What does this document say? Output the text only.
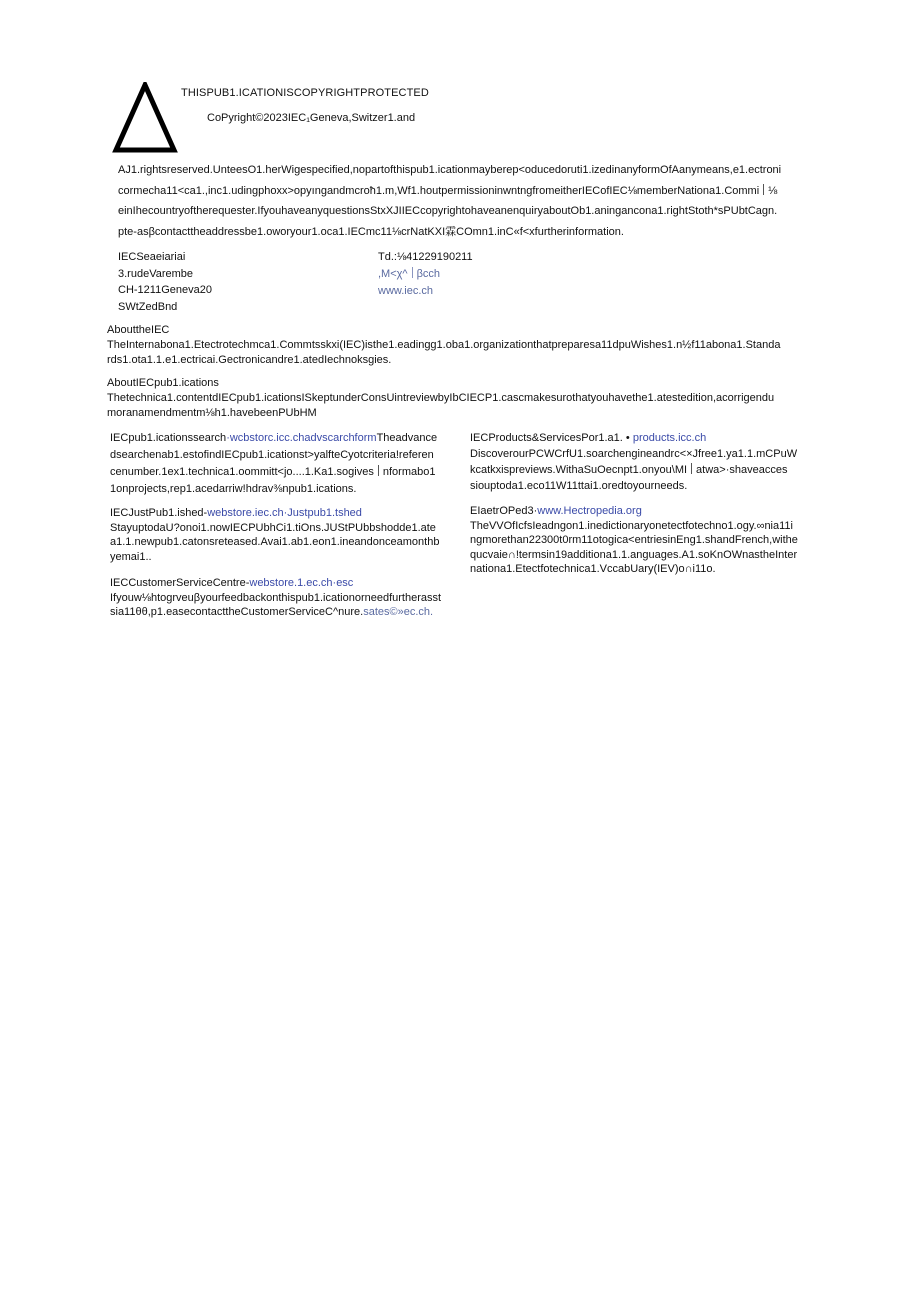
THISPUB1.ICATIONISCOPYRIGHTPROTECTED
CoPyright©2023IEC₁Geneva,Switzer1.and
AJ1.rightsreserved.UnteesO1.herWigespecified,nopartofthispub1.icationmayberep<oducedoruti1.izedinanyformOfAanymeans,e1.ectroni
cormecha11<ca1.,inc1.udingphoxx>opyıngandmcroħ1.m,Wf1.houtpermissioninwntngfromeitherIECofIEC⅛memberNationa1.Commi ⅛
einIhecountryoftherequester.IfyouhaveanyquestionsStxXJIIECcopyrightohaveanenquiryaboutOb1.aningancona1.rightStoth*sPUbtCagn.
pte-asβcontacttheaddressbe1.oworyour1.oca1.IECmc11⅛crNatKXI霖COmn1.inC«f<xfurtherinformation.
IECSeaeiariai
3.rudeVarembe
CH-1211Geneva20
SWtZedBnd
Td.:⅛41229190211
,M<χ^ βcch
www.iec.ch
AbouttheIEC
TheInternabona1.Etectrotechmca1.Commtsskxi(IEC)isthe1.eadingg1.oba1.organizationthatpreparesa11dpuWishes1.n½f11abona1.Standa
rds1.ota1.1.e1.ectricai.Gectronicandre1.atedIechnoksgies.
AboutIECpub1.ications
Thetechnica1.contentdIECpub1.icationsISkeptunderConsUintreviewbyIbCIECP1.cascmakesurothatyouhavethe1.atestedition,acorrigendu
moranamendmentm⅛h1.havebeenPUbHM
IECpub1.icationssearch·wcbstorc.icc.chadvscarchformTheadvance
dsearchenab1.estofindIECpub1.icationst>yalfteCyotcriteria!referen
cenumber.1ex1.technica1.oommitt<jo....1.Ka1.sogives nformabo1
1onprojects,rep1.acedarriw!hdrav⅜npub1.ications.
IECJustPub1.ished-webstore.iec.ch·Justpub1.tshed
StayuptodaU?onoi1.nowIECPUbhCi1.tiOns.JUStPUbbshodde1.ate
a1.1.newpub1.catonsreteased.Avai1.ab1.eon1.ineandonceamonthb
yemai1..
IECCustomerServiceCentre-webstore.1.ec.ch·esc
Ifyouw⅛htogrveuβyourfeedbackonthispub1.icationorneedfurtherasst
sia11θθ,p1.easecontacttheCustomerServiceC^nure.sates©»ec.ch.
IECProducts&ServicesPor1.a1. • products.icc.ch
DiscoverourPCWCrfU1.soarchengineandrc<×Jfree1.ya1.1.mCPuW
kcatkxispreviews.WithaSuOecnpt1.onyou\MI atwa>·shaveacces
siouptoda1.eco11W11ttai1.oredtoyourneeds.
EIaetrOPed3·www.Hectropedia.org
TheVVOfIcfsIeadngon1.inedictionaryonetectfotechno1.ogy.∞nia11i
ngmorethan22300t0rm11otogica<entriesinEng1.shandFrench,withe
qucvaie∩!termsin19additiona1.1.anguages.A1.soKnOWnastheInter
nationa1.Etectfotechnica1.VccabUary(IEV)o∩i11o.
